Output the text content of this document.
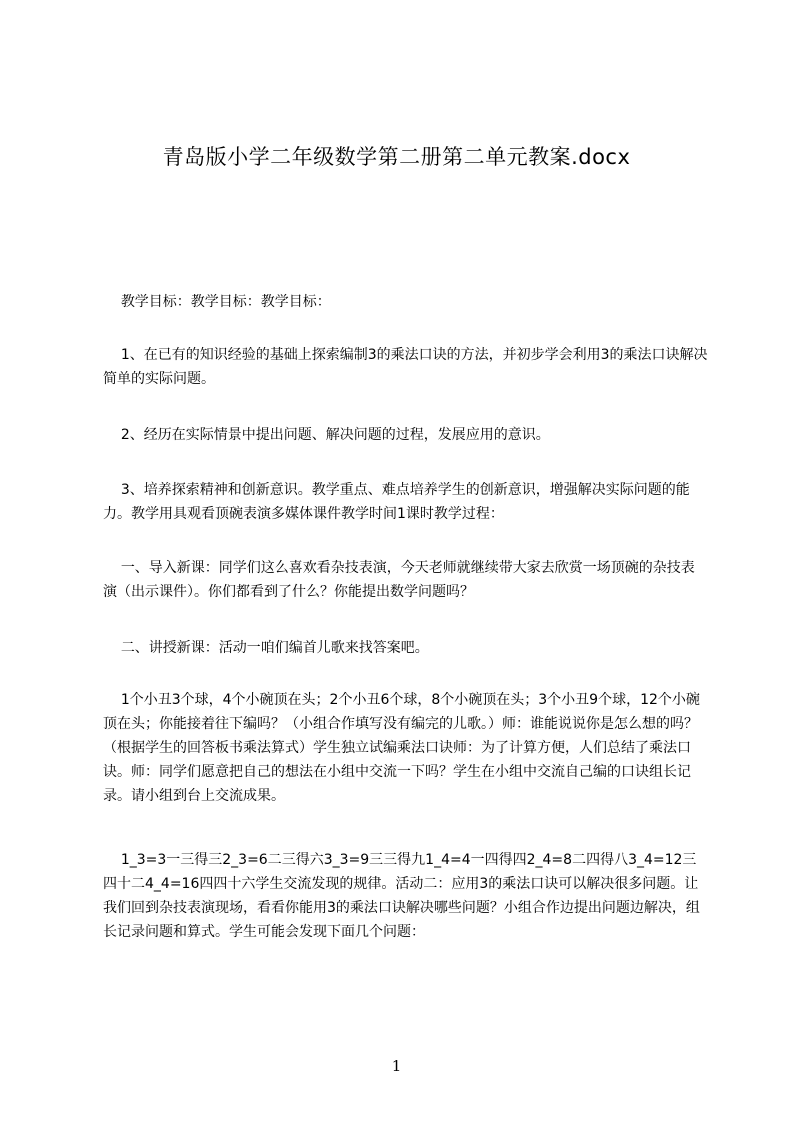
青岛版小学二年级数学第二册第二单元教案.docx
教学目标：教学目标：教学目标：
1、在已有的知识经验的基础上探索编制3的乘法口诀的方法，并初步学会利用3的乘法口诀解决简单的实际问题。
2、经历在实际情景中提出问题、解决问题的过程，发展应用的意识。
3、培养探索精神和创新意识。教学重点、难点培养学生的创新意识，增强解决实际问题的能力。教学用具观看顶碗表演多媒体课件教学时间1课时教学过程：
一、导入新课：同学们这么喜欢看杂技表演，今天老师就继续带大家去欣赏一场顶碗的杂技表演（出示课件）。你们都看到了什么？你能提出数学问题吗？
二、讲授新课：活动一咱们编首儿歌来找答案吧。
1个小丑3个球，4个小碗顶在头；2个小丑6个球，8个小碗顶在头；3个小丑9个球，12个小碗顶在头；你能接着往下编吗？（小组合作填写没有编完的儿歌。）师：谁能说说你是怎么想的吗？（根据学生的回答板书乘法算式）学生独立试编乘法口诀师：为了计算方便，人们总结了乘法口诀。师：同学们愿意把自己的想法在小组中交流一下吗？学生在小组中交流自己编的口诀组长记录。请小组到台上交流成果。
1_3=3一三得三2_3=6二三得六3_3=9三三得九1_4=4一四得四2_4=8二四得八3_4=12三四十二4_4=16四四十六学生交流发现的规律。活动二：应用3的乘法口诀可以解决很多问题。让我们回到杂技表演现场，看看你能用3的乘法口诀解决哪些问题？小组合作边提出问题边解决，组长记录问题和算式。学生可能会发现下面几个问题：
1
